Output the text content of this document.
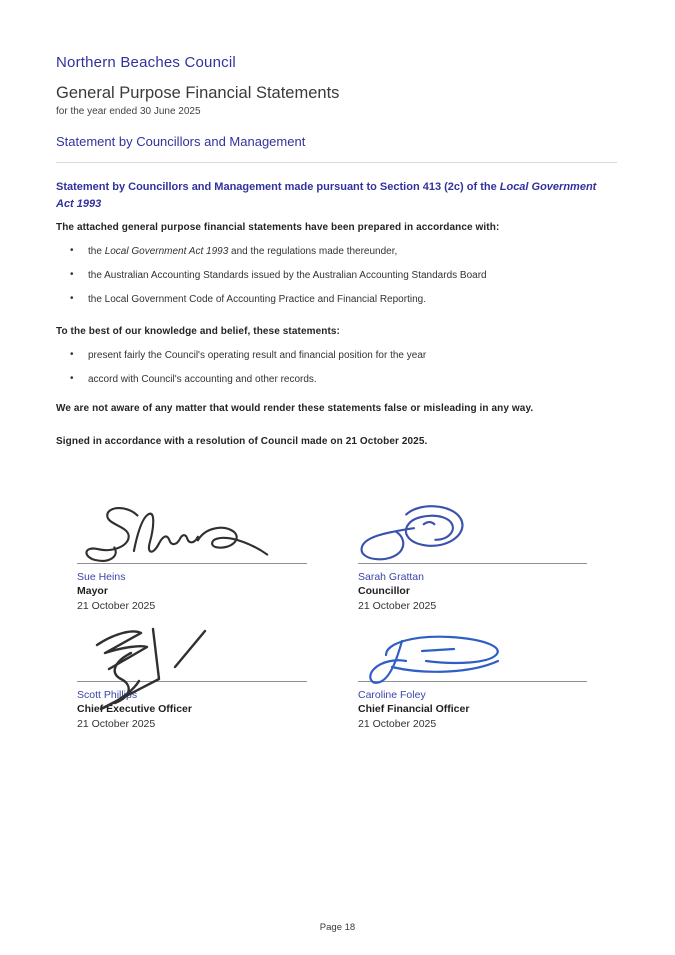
Northern Beaches Council
General Purpose Financial Statements
for the year ended 30 June 2025
Statement by Councillors and Management
Statement by Councillors and Management made pursuant to Section 413 (2c) of the Local Government Act 1993
The attached general purpose financial statements have been prepared in accordance with:
• the Local Government Act 1993 and the regulations made thereunder,
• the Australian Accounting Standards issued by the Australian Accounting Standards Board
• the Local Government Code of Accounting Practice and Financial Reporting.
To the best of our knowledge and belief, these statements:
• present fairly the Council's operating result and financial position for the year
• accord with Council's accounting and other records.
We are not aware of any matter that would render these statements false or misleading in any way.
Signed in accordance with a resolution of Council made on 21 October 2025.
Sue Heins
Mayor
21 October 2025
Sarah Grattan
Councillor
21 October 2025
Scott Phillips
Chief Executive Officer
21 October 2025
Caroline Foley
Chief Financial Officer
21 October 2025
Page 18
